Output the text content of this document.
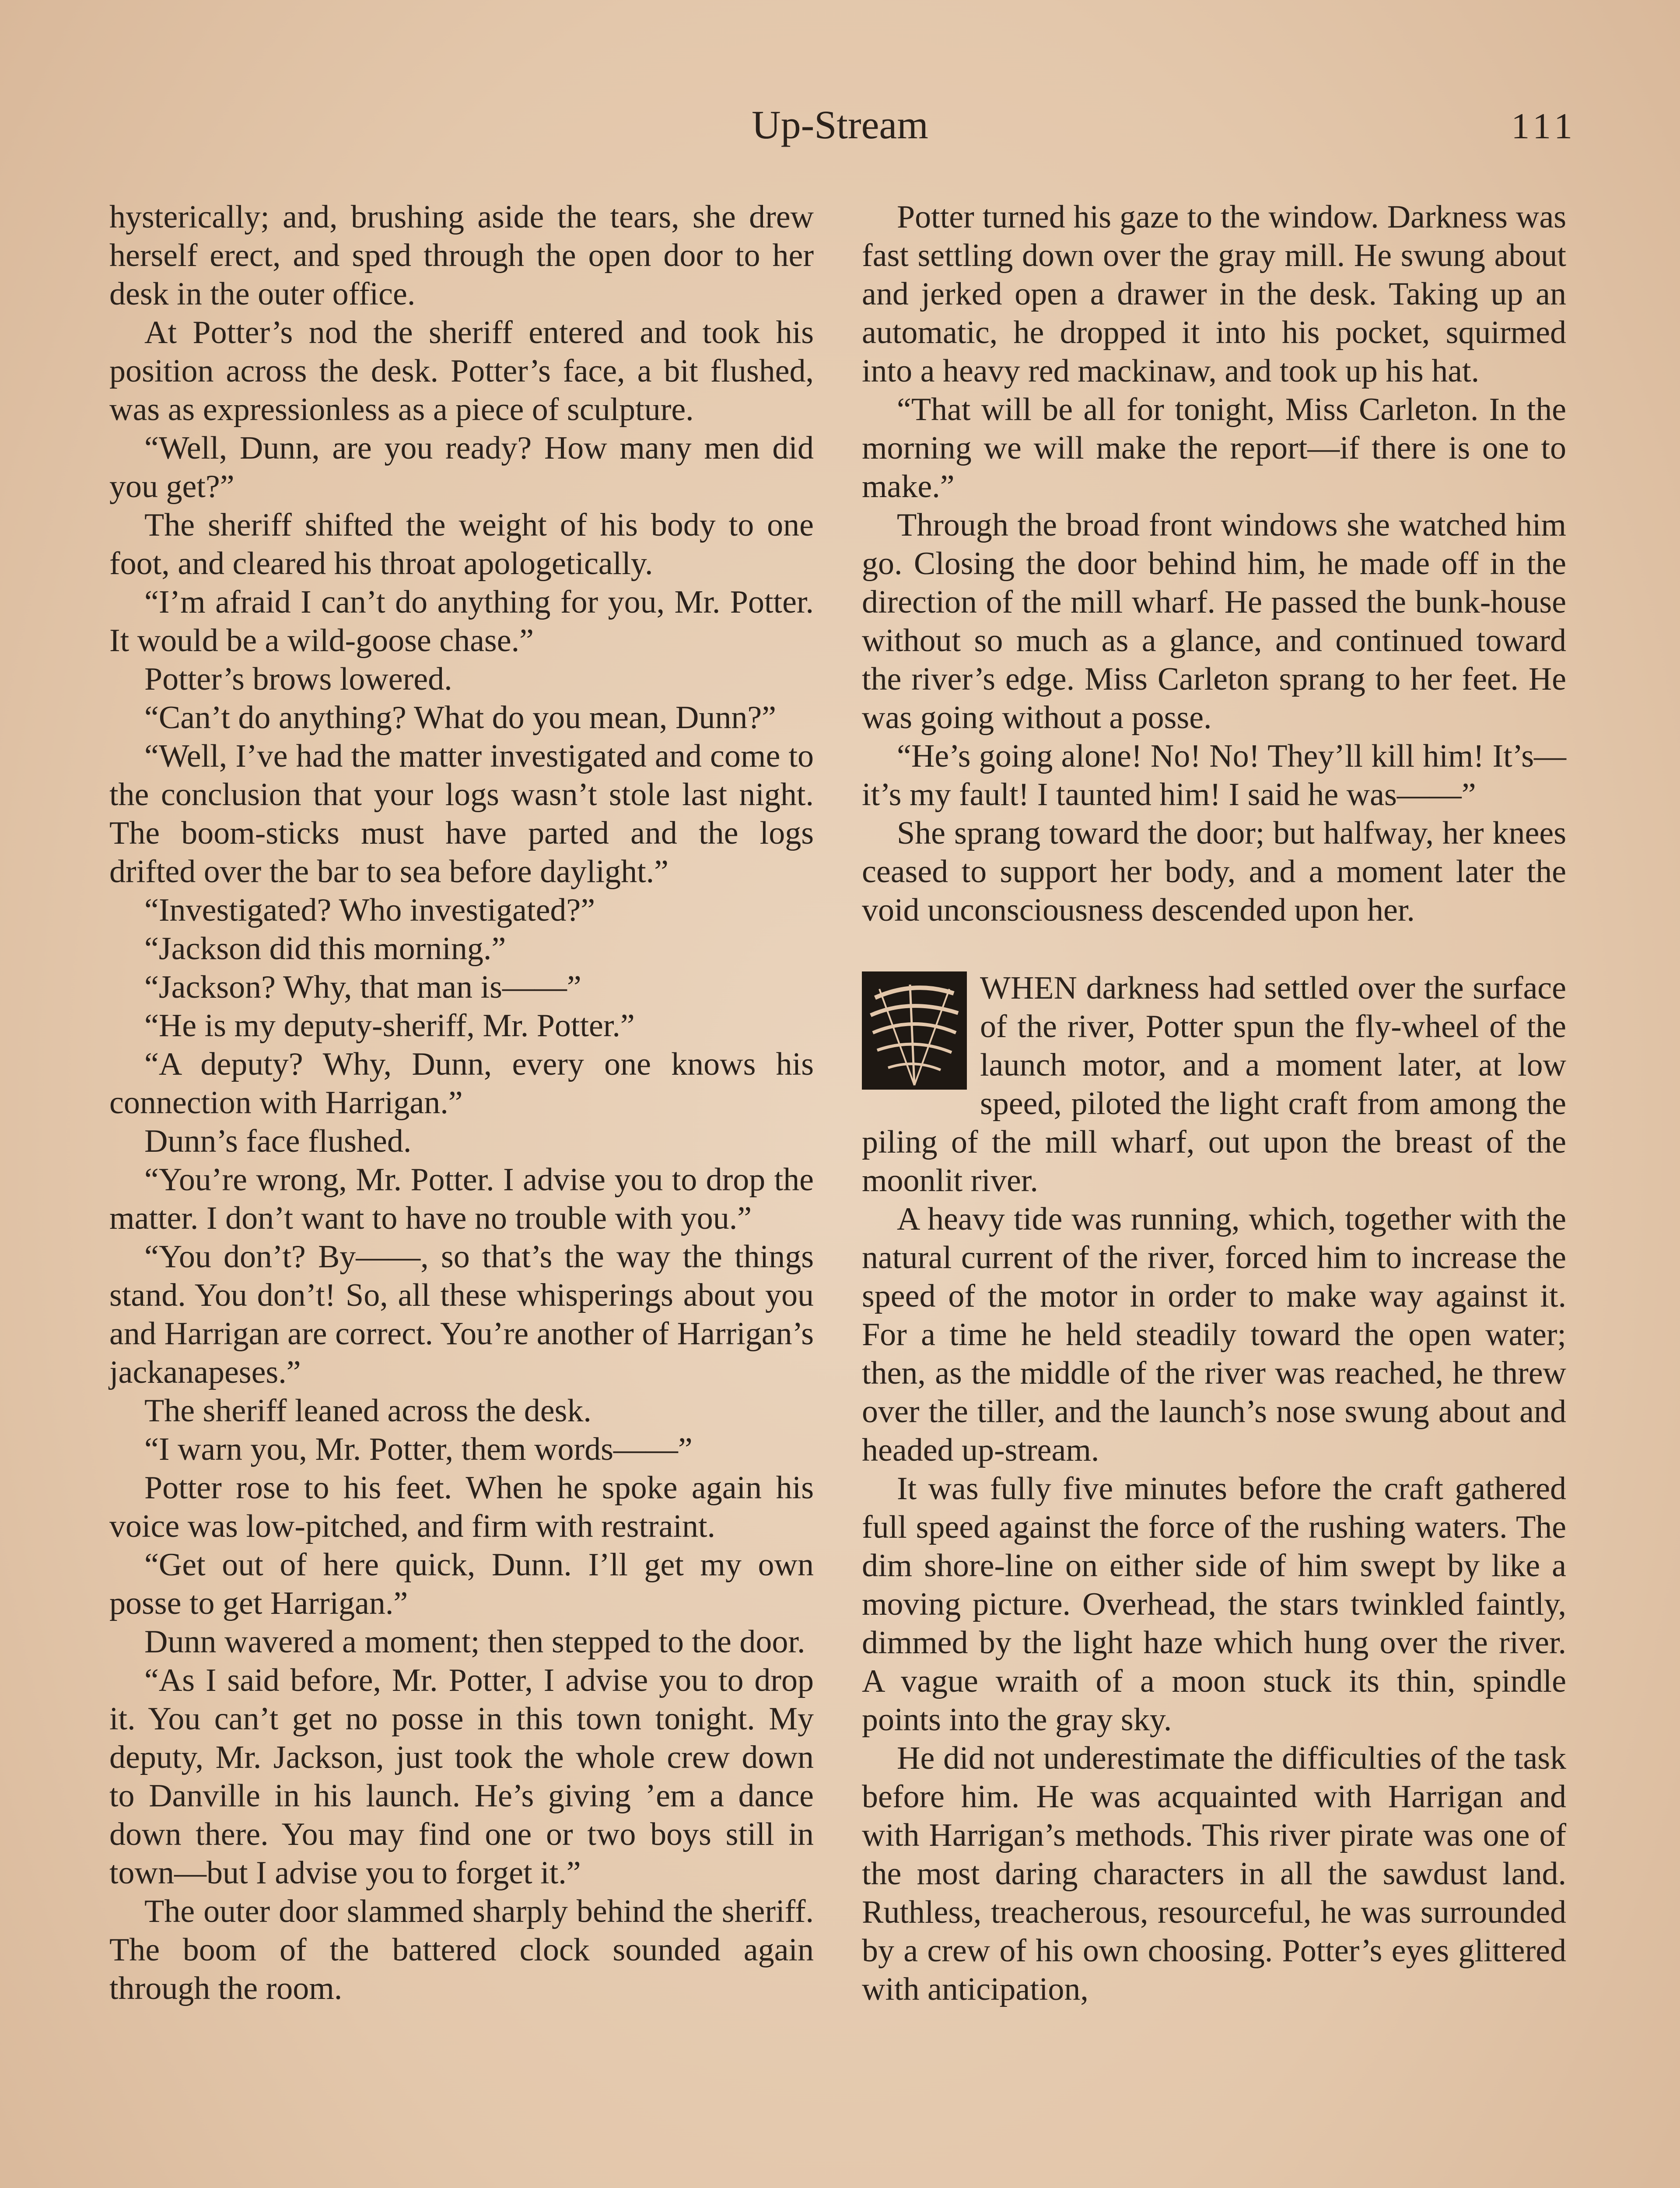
Up-Stream	111

hysterically; and, brushing aside the tears, she drew herself erect, and sped through the open door to her desk in the outer office.

At Potter’s nod the sheriff entered and took his position across the desk. Potter’s face, a bit flushed, was as expressionless as a piece of sculpture.

“Well, Dunn, are you ready? How many men did you get?”

The sheriff shifted the weight of his body to one foot, and cleared his throat apologetically.

“I’m afraid I can’t do anything for you, Mr. Potter. It would be a wild-goose chase.”

Potter’s brows lowered.

“Can’t do anything? What do you mean, Dunn?”

“Well, I’ve had the matter investigated and come to the conclusion that your logs wasn’t stole last night. The boom-sticks must have parted and the logs drifted over the bar to sea before daylight.”

“Investigated? Who investigated?”

“Jackson did this morning.”

“Jackson? Why, that man is——”

“He is my deputy-sheriff, Mr. Potter.”

“A deputy? Why, Dunn, every one knows his connection with Harrigan.”

Dunn’s face flushed.

“You’re wrong, Mr. Potter. I advise you to drop the matter. I don’t want to have no trouble with you.”

“You don’t? By——, so that’s the way the things stand. You don’t! So, all these whisperings about you and Harrigan are correct. You’re another of Harrigan’s jackanapeses.”

The sheriff leaned across the desk.

“I warn you, Mr. Potter, them words——”

Potter rose to his feet. When he spoke again his voice was low-pitched, and firm with restraint.

“Get out of here quick, Dunn. I’ll get my own posse to get Harrigan.”

Dunn wavered a moment; then stepped to the door.

“As I said before, Mr. Potter, I advise you to drop it. You can’t get no posse in this town tonight. My deputy, Mr. Jackson, just took the whole crew down to Danville in his launch. He’s giving ’em a dance down there. You may find one or two boys still in town—but I advise you to forget it.”

The outer door slammed sharply behind the sheriff. The boom of the battered clock sounded again through the room.

Potter turned his gaze to the window. Darkness was fast settling down over the gray mill. He swung about and jerked open a drawer in the desk. Taking up an automatic, he dropped it into his pocket, squirmed into a heavy red mackinaw, and took up his hat.

“That will be all for tonight, Miss Carleton. In the morning we will make the report—if there is one to make.”

Through the broad front windows she watched him go. Closing the door behind him, he made off in the direction of the mill wharf. He passed the bunk-house without so much as a glance, and continued toward the river’s edge. Miss Carleton sprang to her feet. He was going without a posse.

“He’s going alone! No! No! They’ll kill him! It’s—it’s my fault! I taunted him! I said he was——”

She sprang toward the door; but halfway, her knees ceased to support her body, and a moment later the void unconsciousness descended upon her.

WHEN darkness had settled over the surface of the river, Potter spun the fly-wheel of the launch motor, and a moment later, at low speed, piloted the light craft from among the piling of the mill wharf, out upon the breast of the moonlit river.

A heavy tide was running, which, together with the natural current of the river, forced him to increase the speed of the motor in order to make way against it. For a time he held steadily toward the open water; then, as the middle of the river was reached, he threw over the tiller, and the launch’s nose swung about and headed up-stream.

It was fully five minutes before the craft gathered full speed against the force of the rushing waters. The dim shore-line on either side of him swept by like a moving picture. Overhead, the stars twinkled faintly, dimmed by the light haze which hung over the river. A vague wraith of a moon stuck its thin, spindle points into the gray sky.

He did not underestimate the difficulties of the task before him. He was acquainted with Harrigan and with Harrigan’s methods. This river pirate was one of the most daring characters in all the sawdust land. Ruthless, treacherous, resourceful, he was surrounded by a crew of his own choosing. Potter’s eyes glittered with anticipation,
